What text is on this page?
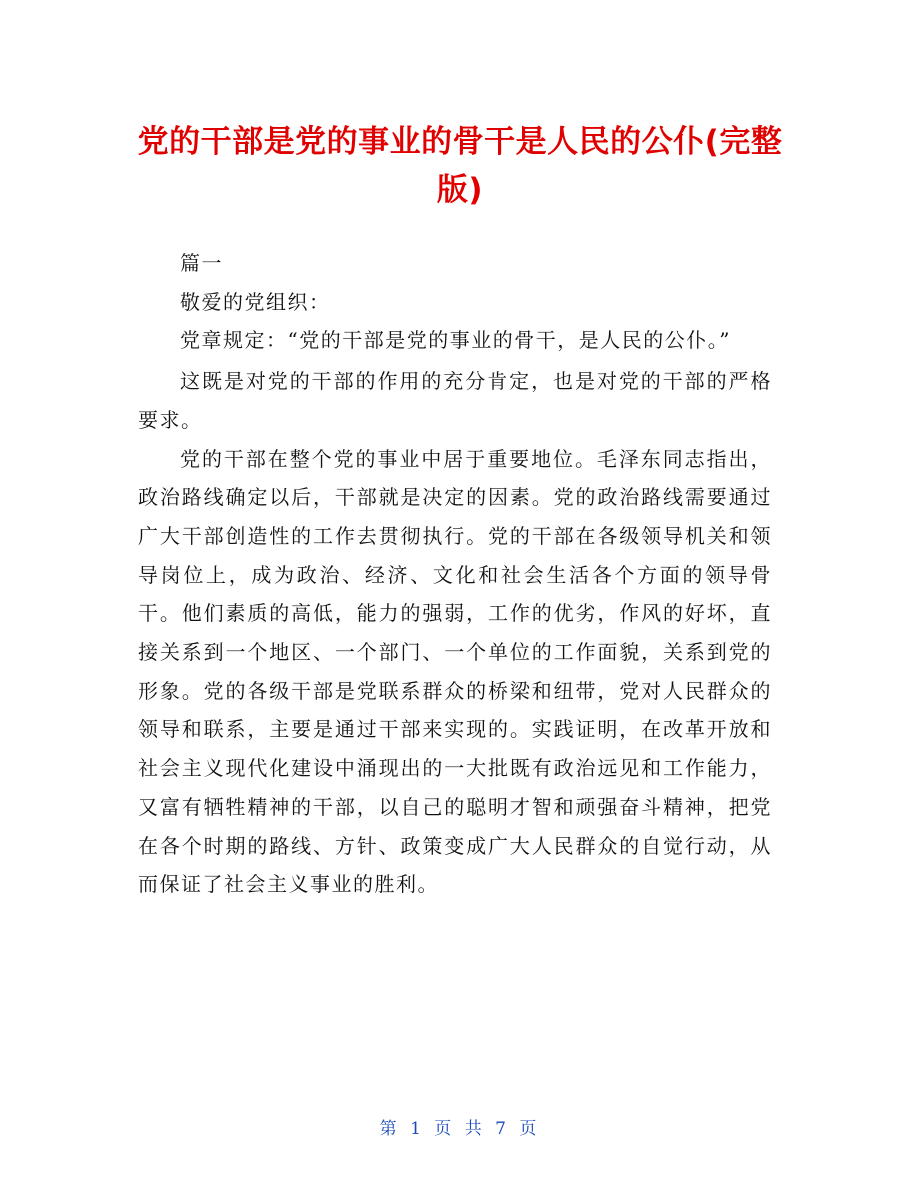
党的干部是党的事业的骨干是人民的公仆(完整版)

篇一

敬爱的党组织：

党章规定：“党的干部是党的事业的骨干，是人民的公仆。”

这既是对党的干部的作用的充分肯定，也是对党的干部的严格要求。

党的干部在整个党的事业中居于重要地位。毛泽东同志指出，政治路线确定以后，干部就是决定的因素。党的政治路线需要通过广大干部创造性的工作去贯彻执行。党的干部在各级领导机关和领导岗位上，成为政治、经济、文化和社会生活各个方面的领导骨干。他们素质的高低，能力的强弱，工作的优劣，作风的好坏，直接关系到一个地区、一个部门、一个单位的工作面貌，关系到党的形象。党的各级干部是党联系群众的桥梁和纽带，党对人民群众的领导和联系，主要是通过干部来实现的。实践证明，在改革开放和社会主义现代化建设中涌现出的一大批既有政治远见和工作能力，又富有牺牲精神的干部，以自己的聪明才智和顽强奋斗精神，把党在各个时期的路线、方针、政策变成广大人民群众的自觉行动，从而保证了社会主义事业的胜利。

第 1 页 共 7 页
